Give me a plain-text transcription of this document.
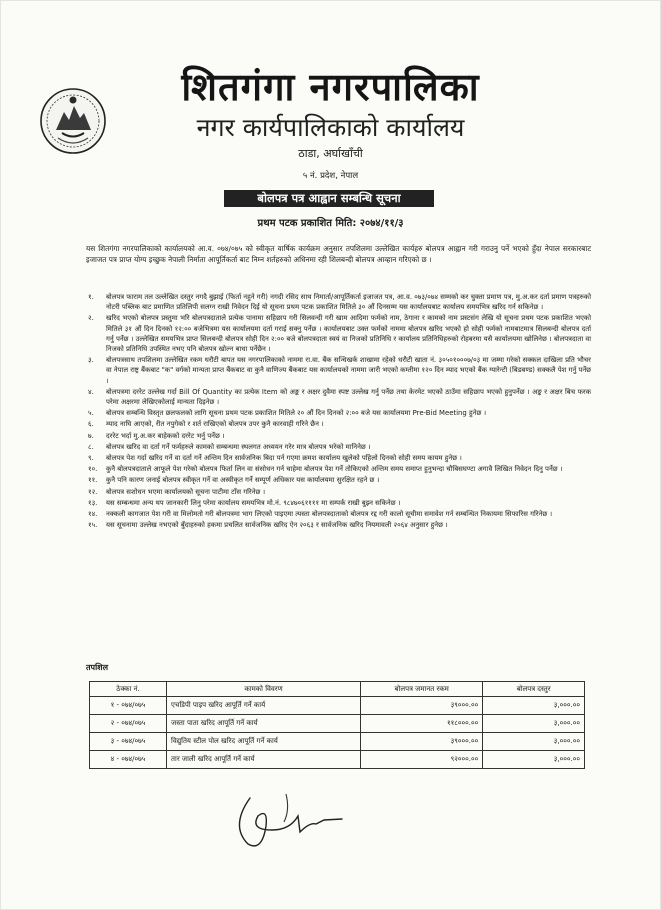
शितगंगा नगरपालिका
नगर कार्यपालिकाको कार्यालय
ठाडा, अर्घाखाँची
५ नं. प्रदेश, नेपाल
बोलपत्र पत्र आह्वान सम्बन्धि सूचना
प्रथम पटक प्रकाशित मिति: २०७४/११/३
यस शितगंगा नगरपालिकाको कार्यालयको आ.व. ०७४/०७५ को स्वीकृत वार्षिक कार्यक्रम अनुसार तपशिलमा उल्लेखित कार्यहरु बोलपत्र आह्वान गरी गराउनु पर्ने भएको हुँदा नेपाल सरकारबाट इजाजत पत्र प्राप्त योग्य इच्छुक नेपाली निर्माता आपूर्तिकर्ता बाट निम्न शर्तहरुको अधिनमा रही शिलबन्दी बोलपत्र आव्हान गरिएको छ ।
१.	बोलपत्र फाराम तल उल्लेखित दस्तुर नगदै बुझाई (फिर्ता नहुने गरी) नगदी रसिद साथ निमार्ता/आपूर्तिकर्ता इजाजत पत्र, आ.व. ०७३/०७४ सम्मको कर चुक्ता प्रमाण पत्र, मु.अ.कर दर्ता प्रमाण पत्रहरुको नोटरी पब्लिक बाट प्रमाणित प्रतिलिपी सलग्न राखी निवेदन दिई यो सूचना प्रथम पटक प्रकाशित मितिले ३० औं दिनसम्म यस कार्यालयबाट कार्यालय समयभित्र खरिद गर्न सकिनेछ ।
२.	खरिद भएको बोलपत्र प्रस्तुमा भरि बोलपत्रदाताले प्रत्येक पानामा सहिछाप गरी सिलवन्दी गरी खाम आदिमा फर्मको नाम, ठेगाना र कामको नाम प्रस्टसंग लेखि यो सूचना प्रथम पटक प्रकाशित भएको मितिले ३१ औं दिन दिनको १२:०० बजेभित्रमा यस कार्यालयमा दर्ता गराई सक्नु पर्नेछ । कार्यालयबाट उक्त फर्मको नाममा बोलपत्र खरिद भएको हो सोही फर्मको नामबाटमात्र सिलबन्दी बोलपत्र दर्ता गर्नु पर्नेछ । उल्लेखित समयभित्र प्राप्त सिलबन्दी बोलपत्र सोही दिन २:०० बजे बोलपत्रदाता स्वयं वा निजको प्रतिनिधि र कार्यालय प्रतिनिधिहरुको रोहबरमा यसै कार्यालयमा खोलिनेछ । बोलपत्रदाता वा निजको प्रतिनिधि उपस्थित नभए पनि बोलपत्र खोल्न बाधा पर्नेछैन ।
३.	बोलपत्रसाथ तपशिलमा उल्लेखित रकम धरौटी बापत यस नगरपालिकाको नाममा रा.वा. बैंक सन्धिखर्क शाखामा रहेको धरौटी खाता नं. ३०५०१०००७/०३ मा जम्मा गरेको सक्कल दाखिला प्रति भौचर वा नेपाल राष्ट्र बैंकबाट "क" वर्गको मान्यता प्राप्त बैंकबाट वा कुनै वाणिज्य बैंकबाट यस कार्यालयको नाममा जारी भएको कम्तीमा १२० दिन म्याद भएको बैंक ग्यारेन्टी (बिडबण्ड) सक्कलै पेश गर्नु पर्नेछ ।
४.	बोलपत्रमा दररेट उल्लेख गर्दा Bill Of Quantity का प्रत्येक Item को अङ्क र अक्षर दुवैमा स्पष्ट उल्लेख गर्नु पर्नेछ तथा केरमेट भएको ठाउँमा सहिछाप भएको हुनुपर्नेछ । अङ्क र अक्षर बिच फरक परेमा अक्षरमा लेखिएकोलाई मान्यता दिइनेछ ।
५.	बोलपत्र सम्बन्धि विस्तृत छलफलको लागि सूचना प्रथम पटक प्रकाशित मितिले २० औं दिन दिनको २:०० बजे यस कार्यालयमा Pre-Bid Meeting हुनेछ ।
६.	म्याद नाघि आएको, रीत नपुगेको र शर्त राखिएको बोलपत्र उपर कुनै कारवाही गरिने छैन ।
७.	दररेट भर्दा मु.अ.कर बाहेकको दररेट भर्नु पर्नेछ ।
८.	बोलपत्र खरिद वा दर्ता गर्ने फर्महरुले कामको सम्बन्धमा स्थलगत अध्ययन गरेर मात्र बोलपत्र भरेको मानिनेछ ।
९.	बोलपत्र पेश गर्दा खरिद गर्ने वा दर्ता गर्ने अन्तिम दिन सार्वजनिक बिदा पर्न गएमा क्रमश कार्यालय खुलेको पहिलो दिनको सोही समय कायम हुनेछ ।
१०.	कुनै बोलपत्रदाताले आफूले पेश गरेको बोलपत्र फिर्ता लिन वा संसोधन गर्न चाहेमा बोलपत्र पेश गर्ने तोकिएको अन्तिम समय समाप्त हुनुभन्दा चौबिसघण्टा अगावै लिखित निवेदन दिनु पर्नेछ ।
११.	कुनै पनि कारण जनाई बोलपत्र स्वीकृत गर्ने वा अस्वीकृत गर्ने सम्पूर्ण अधिकार यस कार्यालयमा सुरक्षित रहने छ ।
१२.	बोलपत्र सशोधन भएमा कार्यालयको सूचना पाटीमा टाँस गरिनेछ ।
१३.	यस सम्बन्धमा अन्य थप जानकारी लिनु परेमा कार्यालय समयभित्र मो.नं. ९८४७०६११११ मा सम्पर्क राखी बुझ्न सकिनेछ ।
१४.	नक्कली कागजात पेश गरी वा मिलोमतो गरी बोलपत्रमा भाग लिएको पाइएमा त्यस्ता बोलपत्रदाताको बोलपत्र रद्द गरी कालो सूचीमा समावेश गर्न सम्बन्धित निकायमा सिफारिस गरिनेछ ।
१५.	यस सूचनामा उल्लेख नभएको बुँदाहरुको हकमा प्रचलित सार्वजनिक खरिद ऐन २०६३ र सार्वजनिक खरिद नियमावली २०६४ अनुसार हुनेछ ।
तपशिल
ठेक्का नं.	कामको विवरण	बोलपत्र जमानत रकम	बोलपत्र दस्तुर
१ - ०७४/०७५	एचडिपी पाइप खरिद आपूर्ति गर्ने कार्य	३९०००.००	३,०००.००
२ - ०७४/०७५	जस्ता पाता खरिद आपूर्ति गर्ने कार्य	११८०००.००	३,०००.००
३ - ०७४/०७५	विद्युतिय स्टील पोल खरिद आपूर्ति गर्ने कार्य	३९०००.००	३,०००.००
४ - ०७४/०७५	तार जाली खरिद आपूर्ति गर्ने कार्य	९२०००.००	३,०००.००
